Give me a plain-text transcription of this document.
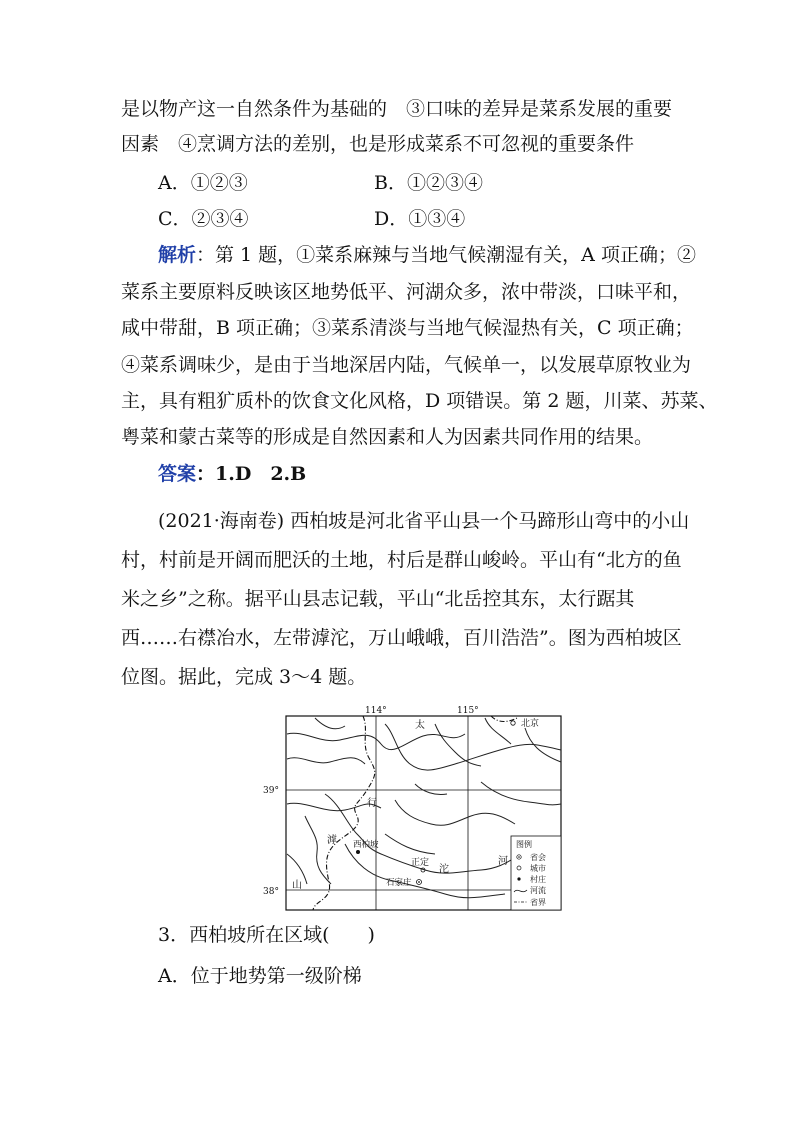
是以物产这一自然条件为基础的　③口味的差异是菜系发展的重要
因素　④烹调方法的差别，也是形成菜系不可忽视的重要条件
A．①②③	B．①②③④
C．②③④	D．①③④
解析：第 1 题，①菜系麻辣与当地气候潮湿有关，A 项正确；②
菜系主要原料反映该区地势低平、河湖众多，浓中带淡，口味平和，
咸中带甜，B 项正确；③菜系清淡与当地气候湿热有关，C 项正确；
④菜系调味少，是由于当地深居内陆，气候单一，以发展草原牧业为
主，具有粗犷质朴的饮食文化风格，D 项错误。第 2 题，川菜、苏菜、
粤菜和蒙古菜等的形成是自然因素和人为因素共同作用的结果。
答案：1.D　2.B
(2021·海南卷) 西柏坡是河北省平山县一个马蹄形山弯中的小山
村，村前是开阔而肥沃的土地，村后是群山峻岭。平山有“北方的鱼
米之乡”之称。据平山县志记载，平山“北岳控其东，太行踞其
西……右襟冶水，左带滹沱，万山峨峨，百川浩浩”。图为西柏坡区
位图。据此，完成 3～4 题。
114°	115°
39°
38°
北京
太
行
山
滹
沱
河
西柏坡
正定
石家庄
图例
省会
城市
村庄
河流
省界
3．西柏坡所在区域(　　)
A．位于地势第一级阶梯
